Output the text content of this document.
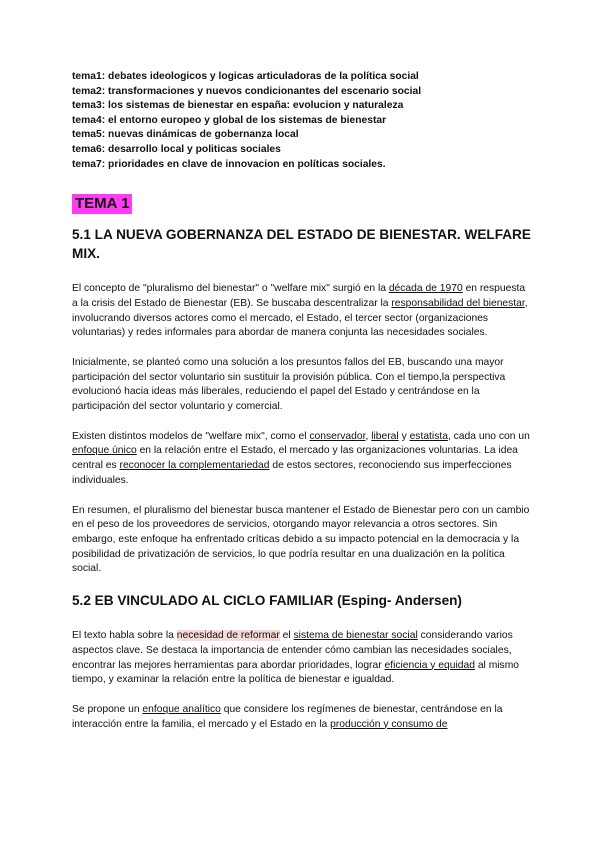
tema1: debates ideologicos y logicas articuladoras de la política social
tema2: transformaciones y nuevos condicionantes del escenario social
tema3: los sistemas de bienestar en españa: evolucion y naturaleza
tema4: el entorno europeo y global de los sistemas de bienestar
tema5: nuevas dinámicas de gobernanza local
tema6: desarrollo local y politicas sociales
tema7: prioridades en clave de innovacion en políticas sociales.
TEMA 1
5.1 LA NUEVA GOBERNANZA DEL ESTADO DE BIENESTAR. WELFARE
MIX.

El concepto de "pluralismo del bienestar" o "welfare mix" surgió en la década de 1970 en respuesta a la crisis del Estado de Bienestar (EB). Se buscaba descentralizar la responsabilidad del bienestar, involucrando diversos actores como el mercado, el Estado, el tercer sector (organizaciones voluntarias) y redes informales para abordar de manera conjunta las necesidades sociales.

Inicialmente, se planteó como una solución a los presuntos fallos del EB, buscando una mayor participación del sector voluntario sin sustituir la provisión pública. Con el tiempo,la perspectiva evolucionó hacia ideas más liberales, reduciendo el papel del Estado y centrándose en la participación del sector voluntario y comercial.

Existen distintos modelos de "welfare mix", como el conservador, liberal y estatista, cada uno con un enfoque único en la relación entre el Estado, el mercado y las organizaciones voluntarias. La idea central es reconocer la complementariedad de estos sectores, reconociendo sus imperfecciones individuales.

En resumen, el pluralismo del bienestar busca mantener el Estado de Bienestar pero con un cambio en el peso de los proveedores de servicios, otorgando mayor relevancia a otros sectores. Sin embargo, este enfoque ha enfrentado críticas debido a su impacto potencial en la democracia y la posibilidad de privatización de servicios, lo que podría resultar en una dualización en la política social.

5.2 EB VINCULADO AL CICLO FAMILIAR (Esping- Andersen)

El texto habla sobre la necesidad de reformar el sistema de bienestar social considerando varios aspectos clave. Se destaca la importancia de entender cómo cambian las necesidades sociales, encontrar las mejores herramientas para abordar prioridades, lograr eficiencia y equidad al mismo tiempo, y examinar la relación entre la política de bienestar e igualdad.

Se propone un enfoque analítico que considere los regímenes de bienestar, centrándose en la interacción entre la familia, el mercado y el Estado en la producción y consumo de
